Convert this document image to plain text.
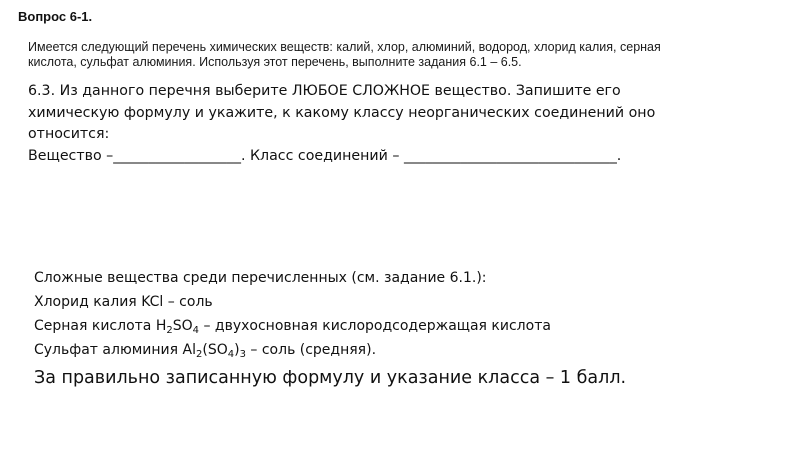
Вопрос 6-1.
Имеется следующий перечень химических веществ: калий, хлор, алюминий, водород, хлорид калия, серная
кислота, сульфат алюминия. Используя этот перечень, выполните задания 6.1 – 6.5.
6.3. Из данного перечня выберите ЛЮБОЕ СЛОЖНОЕ вещество. Запишите его
химическую формулу и укажите, к какому классу неорганических соединений оно
относится:
Вещество –__________________. Класс соединений – ______________________________.
Сложные вещества среди перечисленных (см. задание 6.1.):
Хлорид калия KCl – соль
Серная кислота $H_2SO_4$ – двухосновная кислородсодержащая кислота
Сульфат алюминия $Al_2(SO_4)_3$ – соль (средняя).
За правильно записанную формулу и указание класса – 1 балл.
